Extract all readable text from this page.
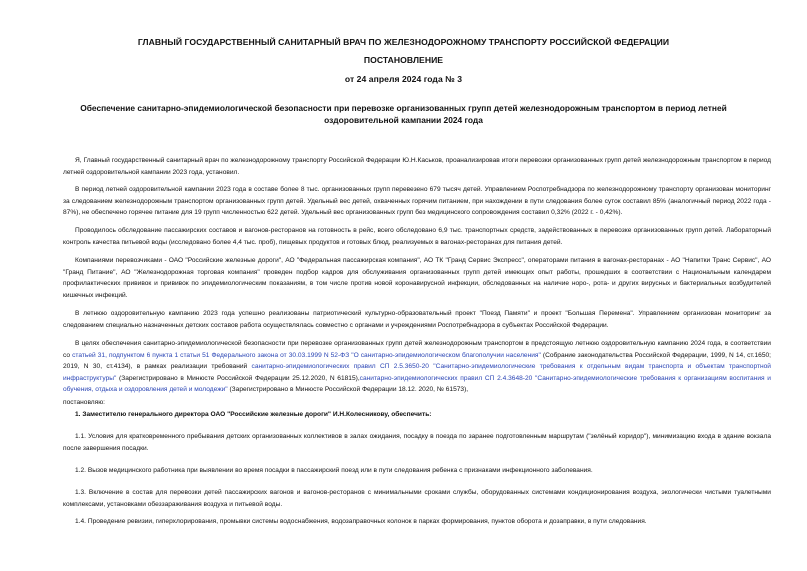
ГЛАВНЫЙ ГОСУДАРСТВЕННЫЙ САНИТАРНЫЙ ВРАЧ ПО ЖЕЛЕЗНОДОРОЖНОМУ ТРАНСПОРТУ РОССИЙСКОЙ ФЕДЕРАЦИИ
ПОСТАНОВЛЕНИЕ
от 24 апреля 2024 года № 3
Обеспечение санитарно-эпидемиологической безопасности при перевозке организованных групп детей железнодорожным транспортом в период летней оздоровительной кампании 2024 года
Я, Главный государственный санитарный врач по железнодорожному транспорту Российской Федерации Ю.Н.Каськов, проанализировав итоги перевозки организованных групп детей железнодорожным транспортом в период летней оздоровительной кампании 2023 года, установил.
В период летней оздоровительной кампании 2023 года в составе более 8 тыс. организованных групп перевезено 679 тысяч детей. Управлением Роспотребнадзора по железнодорожному транспорту организован мониторинг за следованием железнодорожным транспортом организованных групп детей. Удельный вес детей, охваченных горячим питанием, при нахождении в пути следования более суток составил 85% (аналогичный период 2022 года - 87%), не обеспечено горячее питание для 19 групп численностью 622 детей. Удельный вес организованных групп без медицинского сопровождения составил 0,32% (2022 г. - 0,42%).
Проводилось обследование пассажирских составов и вагонов-ресторанов на готовность в рейс, всего обследовано 6,9 тыс. транспортных средств, задействованных в перевозке организованных групп детей. Лабораторный контроль качества питьевой воды (исследовано более 4,4 тыс. проб), пищевых продуктов и готовых блюд, реализуемых в вагонах-ресторанах для питания детей.
Компаниями перевозчиками - ОАО "Российские железные дороги", АО "Федеральная пассажирская компания", АО ТК "Гранд Сервис Экспресс", операторами питания в вагонах-ресторанах - АО "Напитки Транс Сервис", АО "Гранд Питание", АО "Железнодорожная торговая компания" проведен подбор кадров для обслуживания организованных групп детей имеющих опыт работы, прошедших в соответствии с Национальным календарем профилактических прививок и прививок по эпидемиологическим показаниям, в том числе против новой коронавирусной инфекции, обследованных на наличие норо-, рота- и других вирусных и бактериальных возбудителей кишечных инфекций.
В летнюю оздоровительную кампанию 2023 года успешно реализованы патриотический культурно-образовательный проект "Поезд Памяти" и проект "Большая Перемена". Управлением организован мониторинг за следованием специально назначенных детских составов работа осуществлялась совместно с органами и учреждениями Роспотребнадзора в субъектах Российской Федерации.
В целях обеспечения санитарно-эпидемиологической безопасности при перевозке организованных групп детей железнодорожным транспортом в предстоящую летнюю оздоровительную кампанию 2024 года, в соответствии со статьей 31, подпунктом 6 пункта 1 статьи 51 Федерального закона от 30.03.1999 N 52-ФЗ "О санитарно-эпидемиологическом благополучии населения" (Собрание законодательства Российской Федерации, 1999, N 14, ст.1650; 2019, N 30, ст.4134), в рамках реализации требований санитарно-эпидемиологических правил СП 2.5.3650-20 "Санитарно-эпидемиологические требования к отдельным видам транспорта и объектам транспортной инфраструктуры" (Зарегистрировано в Минюсте Российской Федерации 25.12.2020, N 61815),санитарно-эпидемиологических правил СП 2.4.3648-20 "Санитарно-эпидемиологические требования к организациям воспитания и обучения, отдыха и оздоровления детей и молодежи" (Зарегистрировано в Минюсте Российской Федерации 18.12. 2020, № 61573),
постановляю:
1. Заместителю генерального директора ОАО "Российские железные дороги" И.Н.Колесникову, обеспечить:
1.1. Условия для кратковременного пребывания детских организованных коллективов в залах ожидания, посадку в поезда по заранее подготовленным маршрутам ("зелёный коридор"), минимизацию входа в здание вокзала после завершения посадки.
1.2. Вызов медицинского работника при выявлении во время посадки в пассажирский поезд или в пути следования ребенка с признаками инфекционного заболевания.
1.3. Включение в состав для перевозки детей пассажирских вагонов и вагонов-ресторанов с минимальными сроками службы, оборудованных системами кондиционирования воздуха, экологически чистыми туалетными комплексами, установками обеззараживания воздуха и питьевой воды.
1.4. Проведение ревизии, гиперхлорирования, промывки системы водоснабжения, водозаправочных колонок в парках формирования, пунктов оборота и дозаправки, в пути следования.
